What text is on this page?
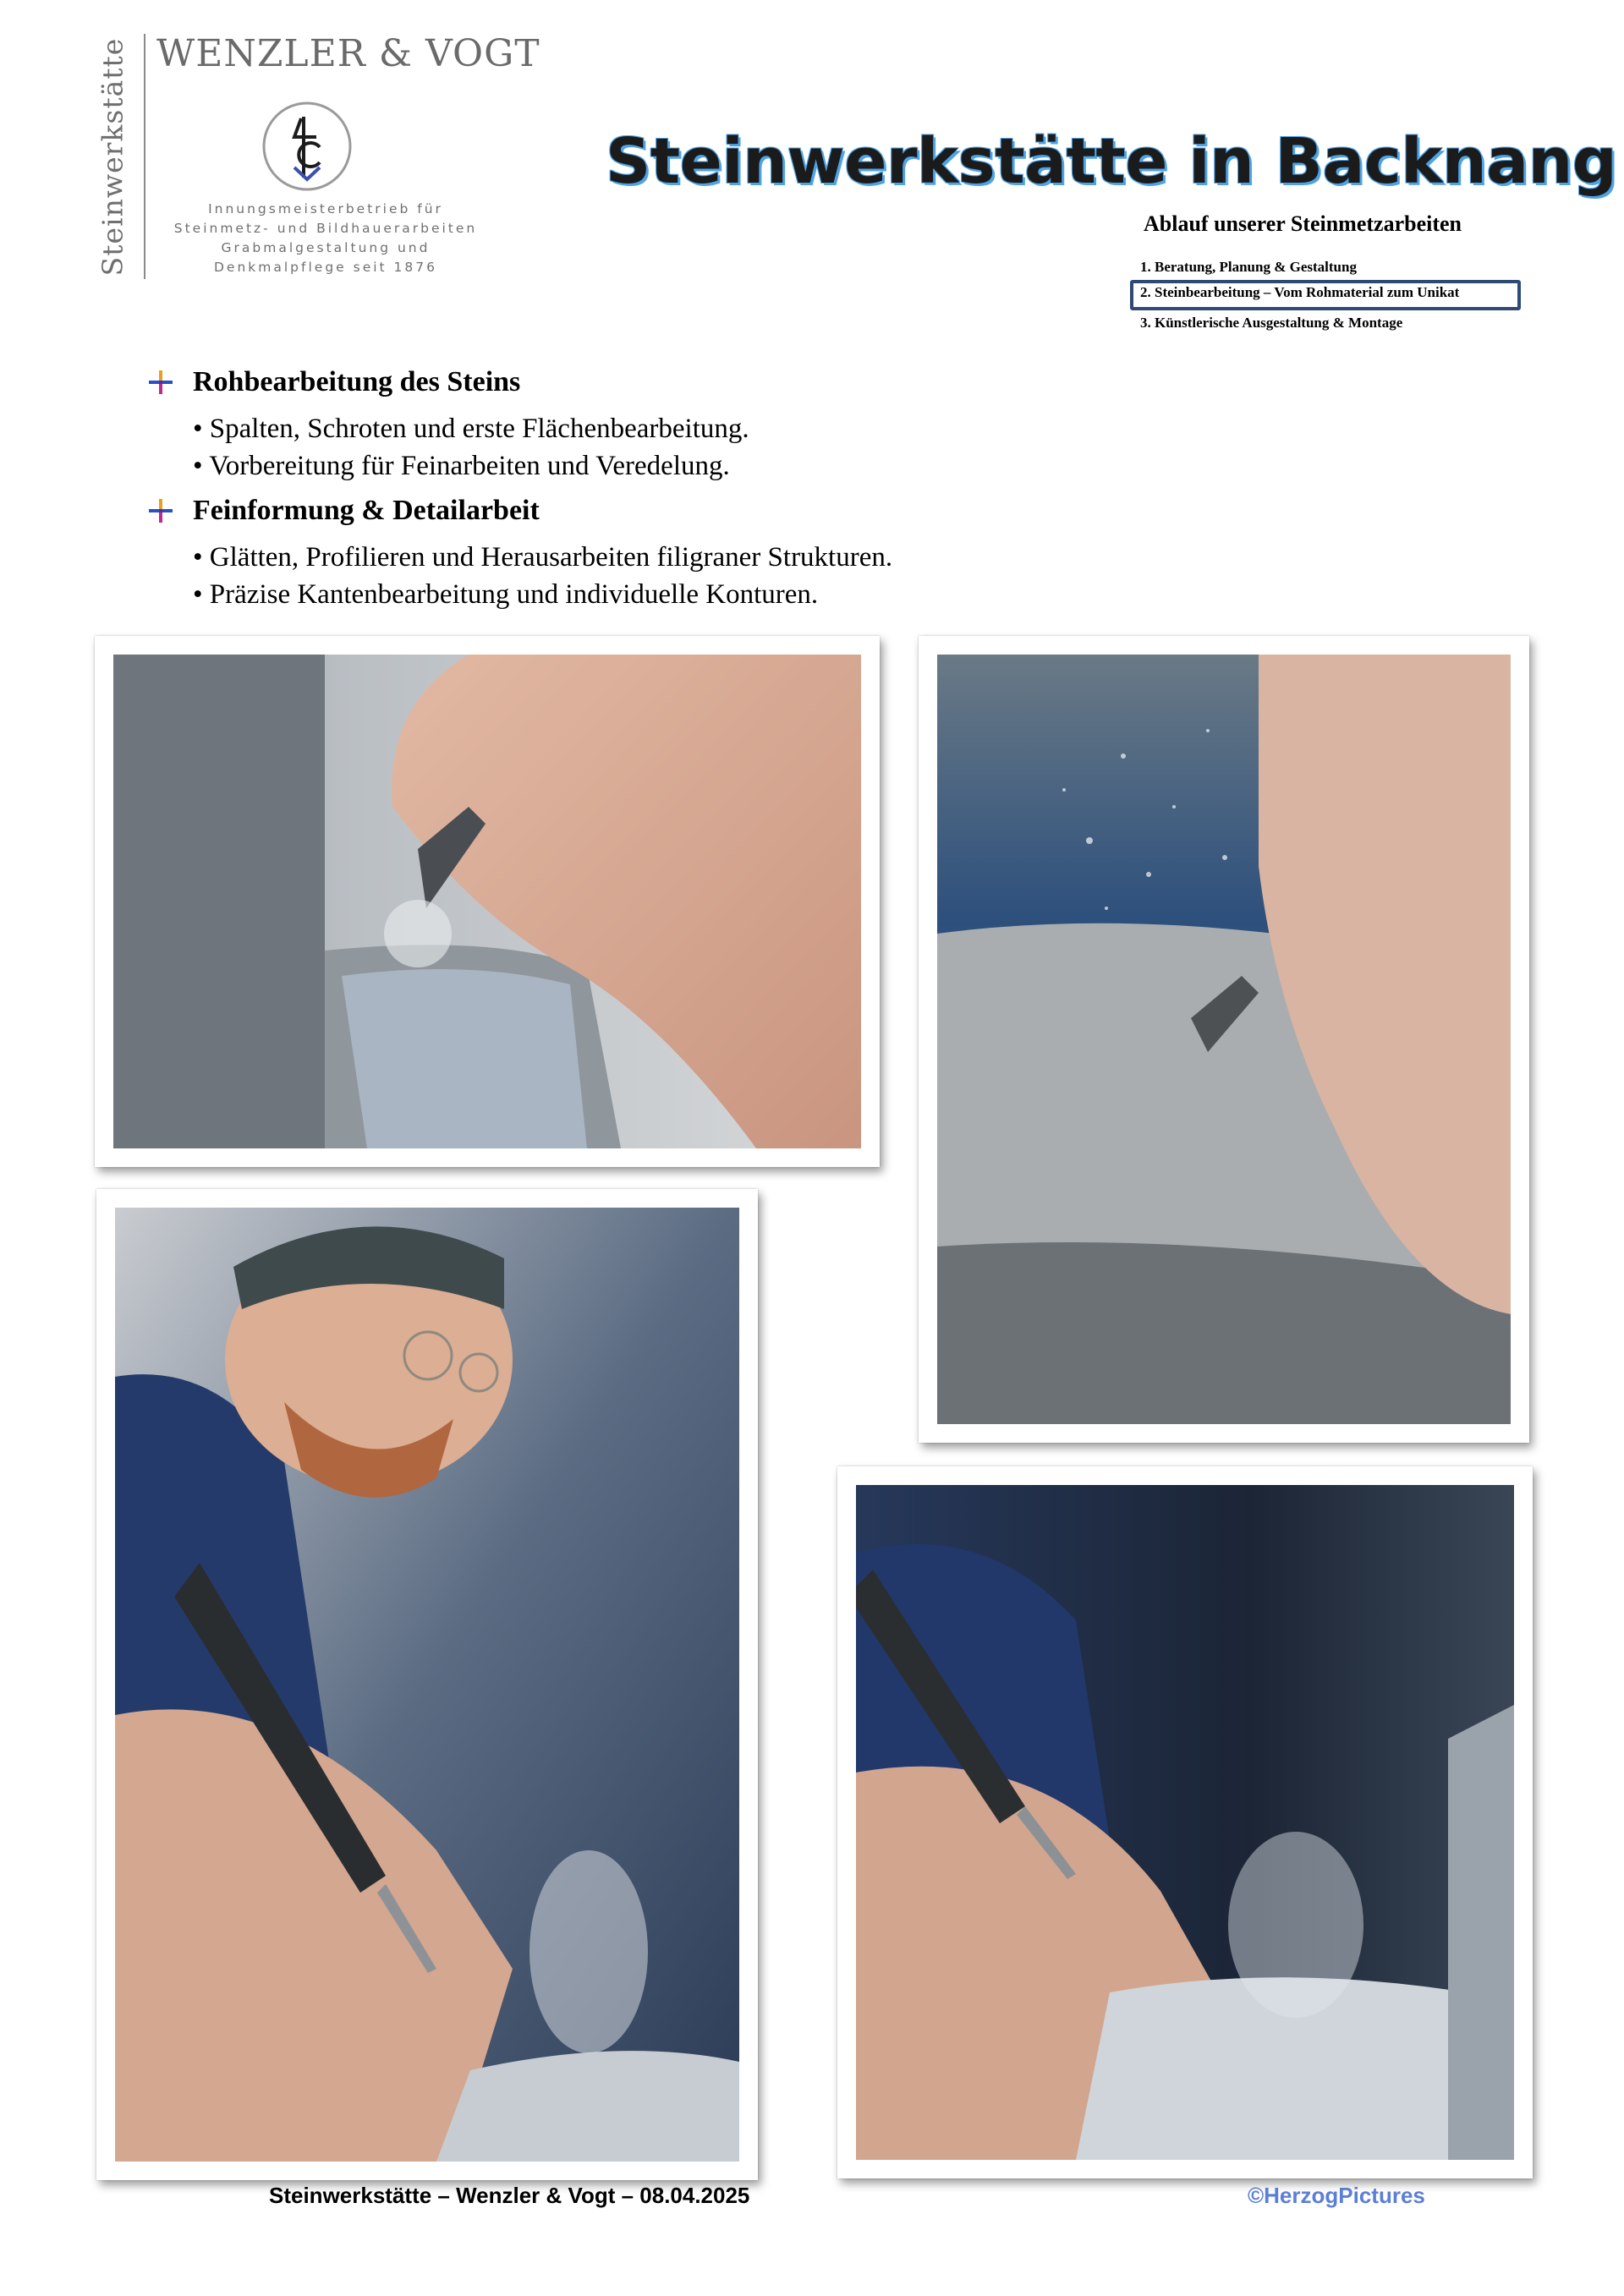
Steinwerkstätte WENZLER & VOGT
Innungsmeisterbetrieb für
Steinmetz- und Bildhauerarbeiten
Grabmalgestaltung und
Denkmalpflege seit 1876
Steinwerkstätte in Backnang
Ablauf unserer Steinmetzarbeiten
1. Beratung, Planung & Gestaltung
2. Steinbearbeitung – Vom Rohmaterial zum Unikat
3. Künstlerische Ausgestaltung & Montage
Rohbearbeitung des Steins
• Spalten, Schroten und erste Flächenbearbeitung.
• Vorbereitung für Feinarbeiten und Veredelung.
Feinformung & Detailarbeit
• Glätten, Profilieren und Herausarbeiten filigraner Strukturen.
• Präzise Kantenbearbeitung und individuelle Konturen.
Steinwerkstätte – Wenzler & Vogt – 08.04.2025	©HerzogPictures
